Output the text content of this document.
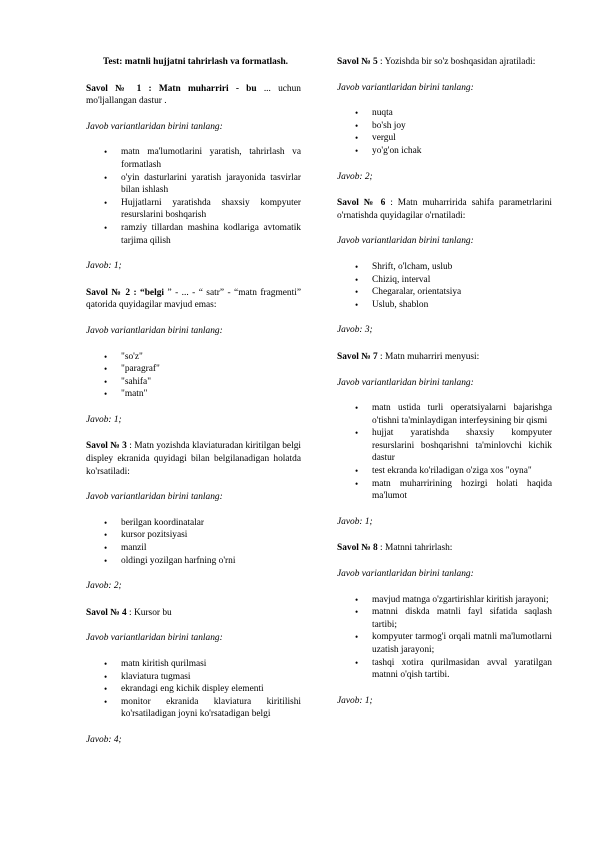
Test: matnli hujjatni tahrirlash va formatlash.

Savol № 1 : Matn muharriri - bu ... uchun mo'ljallangan dastur .

Javob variantlaridan birini tanlang:

• matn ma'lumotlarini yaratish, tahrirlash va formatlash
• o'yin dasturlarini yaratish jarayonida tasvirlar bilan ishlash
• Hujjatlarni yaratishda shaxsiy kompyuter resurslarini boshqarish
• ramziy tillardan mashina kodlariga avtomatik tarjima qilish

Javob: 1;

Savol № 2 : “belgi ” - ... - “ satr” - “matn fragmenti” qatorida quyidagilar mavjud emas:

Javob variantlaridan birini tanlang:

• "so'z"
• "paragraf"
• "sahifa"
• "matn"

Javob: 1;

Savol № 3 : Matn yozishda klaviaturadan kiritilgan belgi displey ekranida quyidagi bilan belgilanadigan holatda ko'rsatiladi:

Javob variantlaridan birini tanlang:

• berilgan koordinatalar
• kursor pozitsiyasi
• manzil
• oldingi yozilgan harfning o'rni

Javob: 2;

Savol № 4 : Kursor bu

Javob variantlaridan birini tanlang:

• matn kiritish qurilmasi
• klaviatura tugmasi
• ekrandagi eng kichik displey elementi
• monitor ekranida klaviatura kiritilishi ko'rsatiladigan joyni ko'rsatadigan belgi

Javob: 4;

Savol № 5 : Yozishda bir so'z boshqasidan ajratiladi:

Javob variantlaridan birini tanlang:

• nuqta
• bo'sh joy
• vergul
• yo'g'on ichak

Javob: 2;

Savol № 6 : Matn muharririda sahifa parametrlarini o'rnatishda quyidagilar o'rnatiladi:

Javob variantlaridan birini tanlang:

• Shrift, o'lcham, uslub
• Chiziq, interval
• Chegaralar, orientatsiya
• Uslub, shablon

Javob: 3;

Savol № 7 : Matn muharriri menyusi:

Javob variantlaridan birini tanlang:

• matn ustida turli operatsiyalarni bajarishga o'tishni ta'minlaydigan interfeysining bir qismi
• hujjat yaratishda shaxsiy kompyuter resurslarini boshqarishni ta'minlovchi kichik dastur
• test ekranda ko'riladigan o'ziga xos "oyna"
• matn muharririning hozirgi holati haqida ma'lumot

Javob: 1;

Savol № 8 : Matnni tahrirlash:

Javob variantlaridan birini tanlang:

• mavjud matnga o'zgartirishlar kiritish jarayoni;
• matnni diskda matnli fayl sifatida saqlash tartibi;
• kompyuter tarmog'i orqali matnli ma'lumotlarni uzatish jarayoni;
• tashqi xotira qurilmasidan avval yaratilgan matnni o'qish tartibi.

Javob: 1;
